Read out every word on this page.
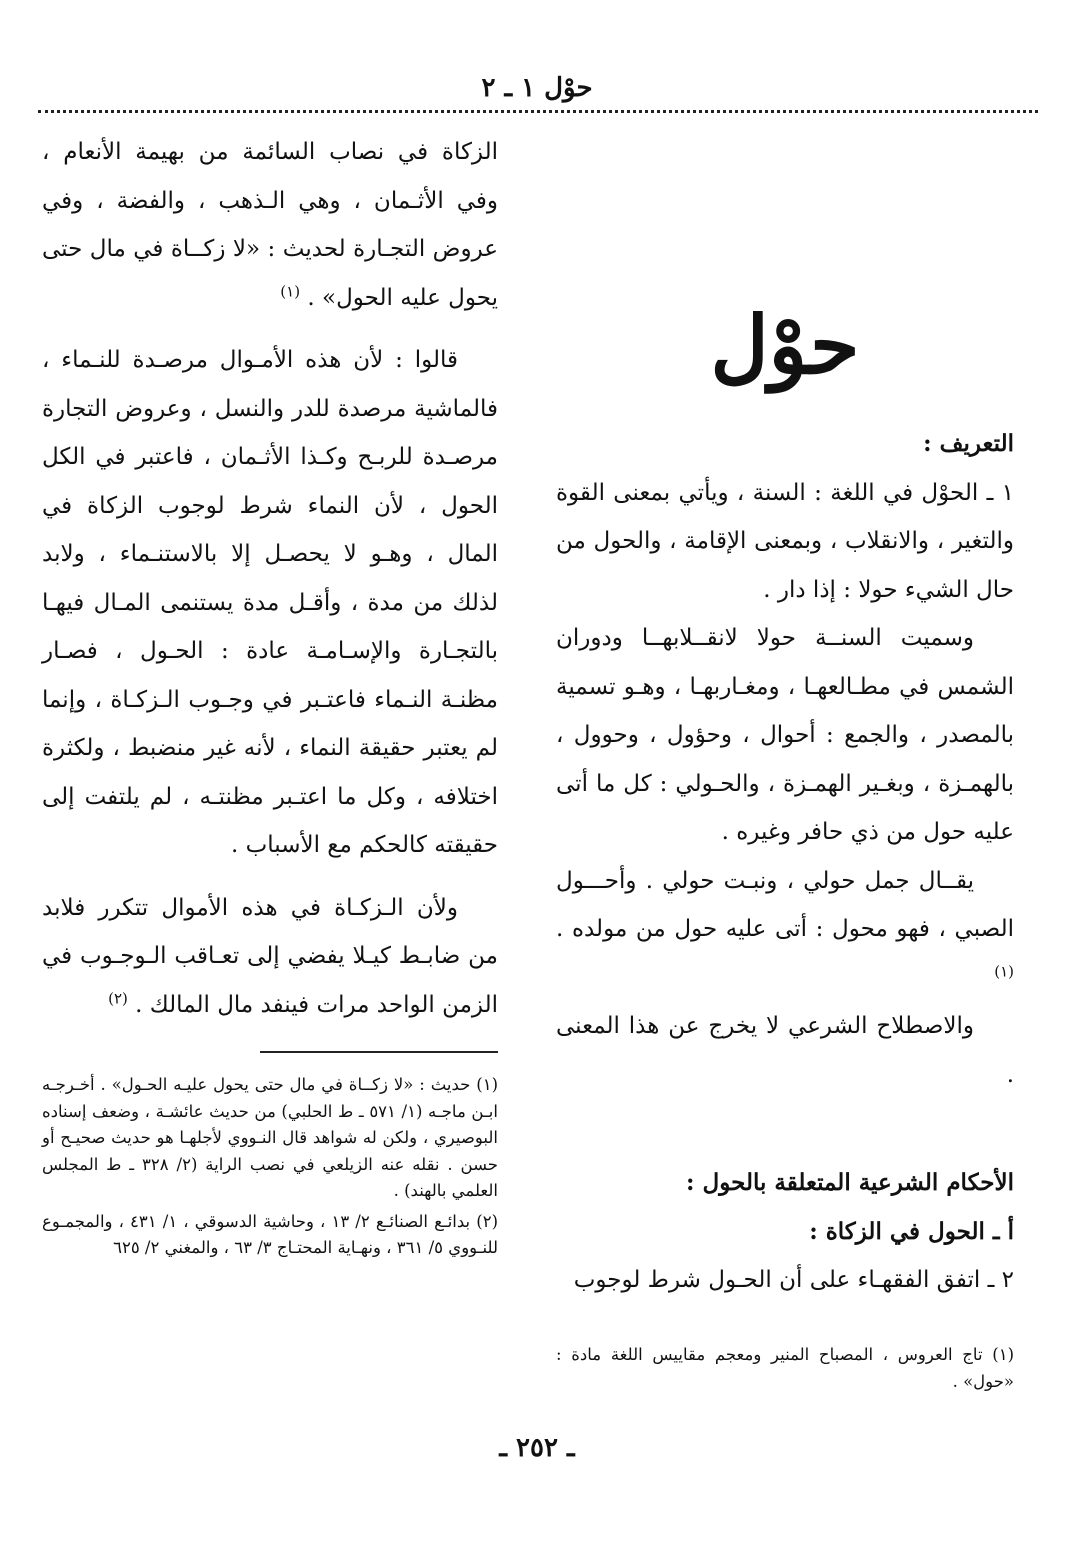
حوْل ١ ـ ٢

الزكاة في نصاب السائمة من بهيمة الأنعام ، وفي الأثـمان ، وهي الـذهب ، والفضة ، وفي عروض التجـارة لحديث : «لا زكــاة في مال حتى يحول عليه الحول» . $^{(١)}$

قالوا : لأن هذه الأمـوال مرصـدة للنـماء ، فالماشية مرصدة للدر والنسل ، وعروض التجارة مرصـدة للربـح وكـذا الأثـمان ، فاعتبر في الكل الحول ، لأن النماء شرط لوجوب الزكاة في المال ، وهـو لا يحصـل إلا بالاستنـماء ، ولابد لذلك من مدة ، وأقـل مدة يستنمى المـال فيهـا بالتجـارة والإسـامـة عادة : الحـول ، فصـار مظنـة النـماء فاعتـبر في وجـوب الـزكـاة ، وإنما لم يعتبر حقيقة النماء ، لأنه غير منضبط ، ولكثرة اختلافه ، وكل ما اعتـبر مظنتـه ، لم يلتفت إلى حقيقته كالحكم مع الأسباب .

ولأن الـزكـاة في هذه الأموال تتكرر فلابد من ضابـط كيـلا يفضي إلى تعـاقب الـوجـوب في الزمن الواحد مرات فينفد مال المالك . $^{(٢)}$

حوْل

التعريف :

١ ـ الحوْل في اللغة : السنة ، ويأتي بمعنى القوة والتغير ، والانقلاب ، وبمعنى الإقامة ، والحول من حال الشيء حولا : إذا دار .

وسميت السنــة حولا لانقــلابهــا ودوران الشمس في مطـالعهـا ، ومغـاربهـا ، وهـو تسمية بالمصدر ، والجمع : أحوال ، وحؤول ، وحوول ، بالهمـزة ، وبغـير الهمـزة ، والحـولي : كل ما أتى عليه حول من ذي حافر وغيره .

يقــال جمل حولي ، ونبـت حولي . وأحـــول الصبي ، فهو محول : أتى عليه حول من مولده . $^{(١)}$

والاصطلاح الشرعي لا يخرج عن هذا المعنى .

الأحكام الشرعية المتعلقة بالحول :

أ ـ الحول في الزكاة :

٢ ـ اتفق الفقهـاء على أن الحـول شرط لوجوب

(١) حديث : «لا زكــاة في مال حتى يحول عليـه الحـول» . أخـرجـه ابـن ماجـه (١/ ٥٧١ ـ ط الحلبي) من حديث عائشـة ، وضعف إسناده البوصيري ، ولكن له شواهد قال النـووي لأجلهـا هو حديث صحيـح أو حسن . نقله عنه الزيلعي في نصب الراية (٢/ ٣٢٨ ـ ط المجلس العلمي بالهند) .

(٢) بدائـع الصنائـع ٢/ ١٣ ، وحاشية الدسوقي ، ١/ ٤٣١ ، والمجمـوع للنـووي ٥/ ٣٦١ ، ونهـاية المحتـاج ٣/ ٦٣ ، والمغني ٢/ ٦٢٥

(١) تاج العروس ، المصباح المنير ومعجم مقاييس اللغة مادة : «حول» .

ـ ٢٥٢ ـ
